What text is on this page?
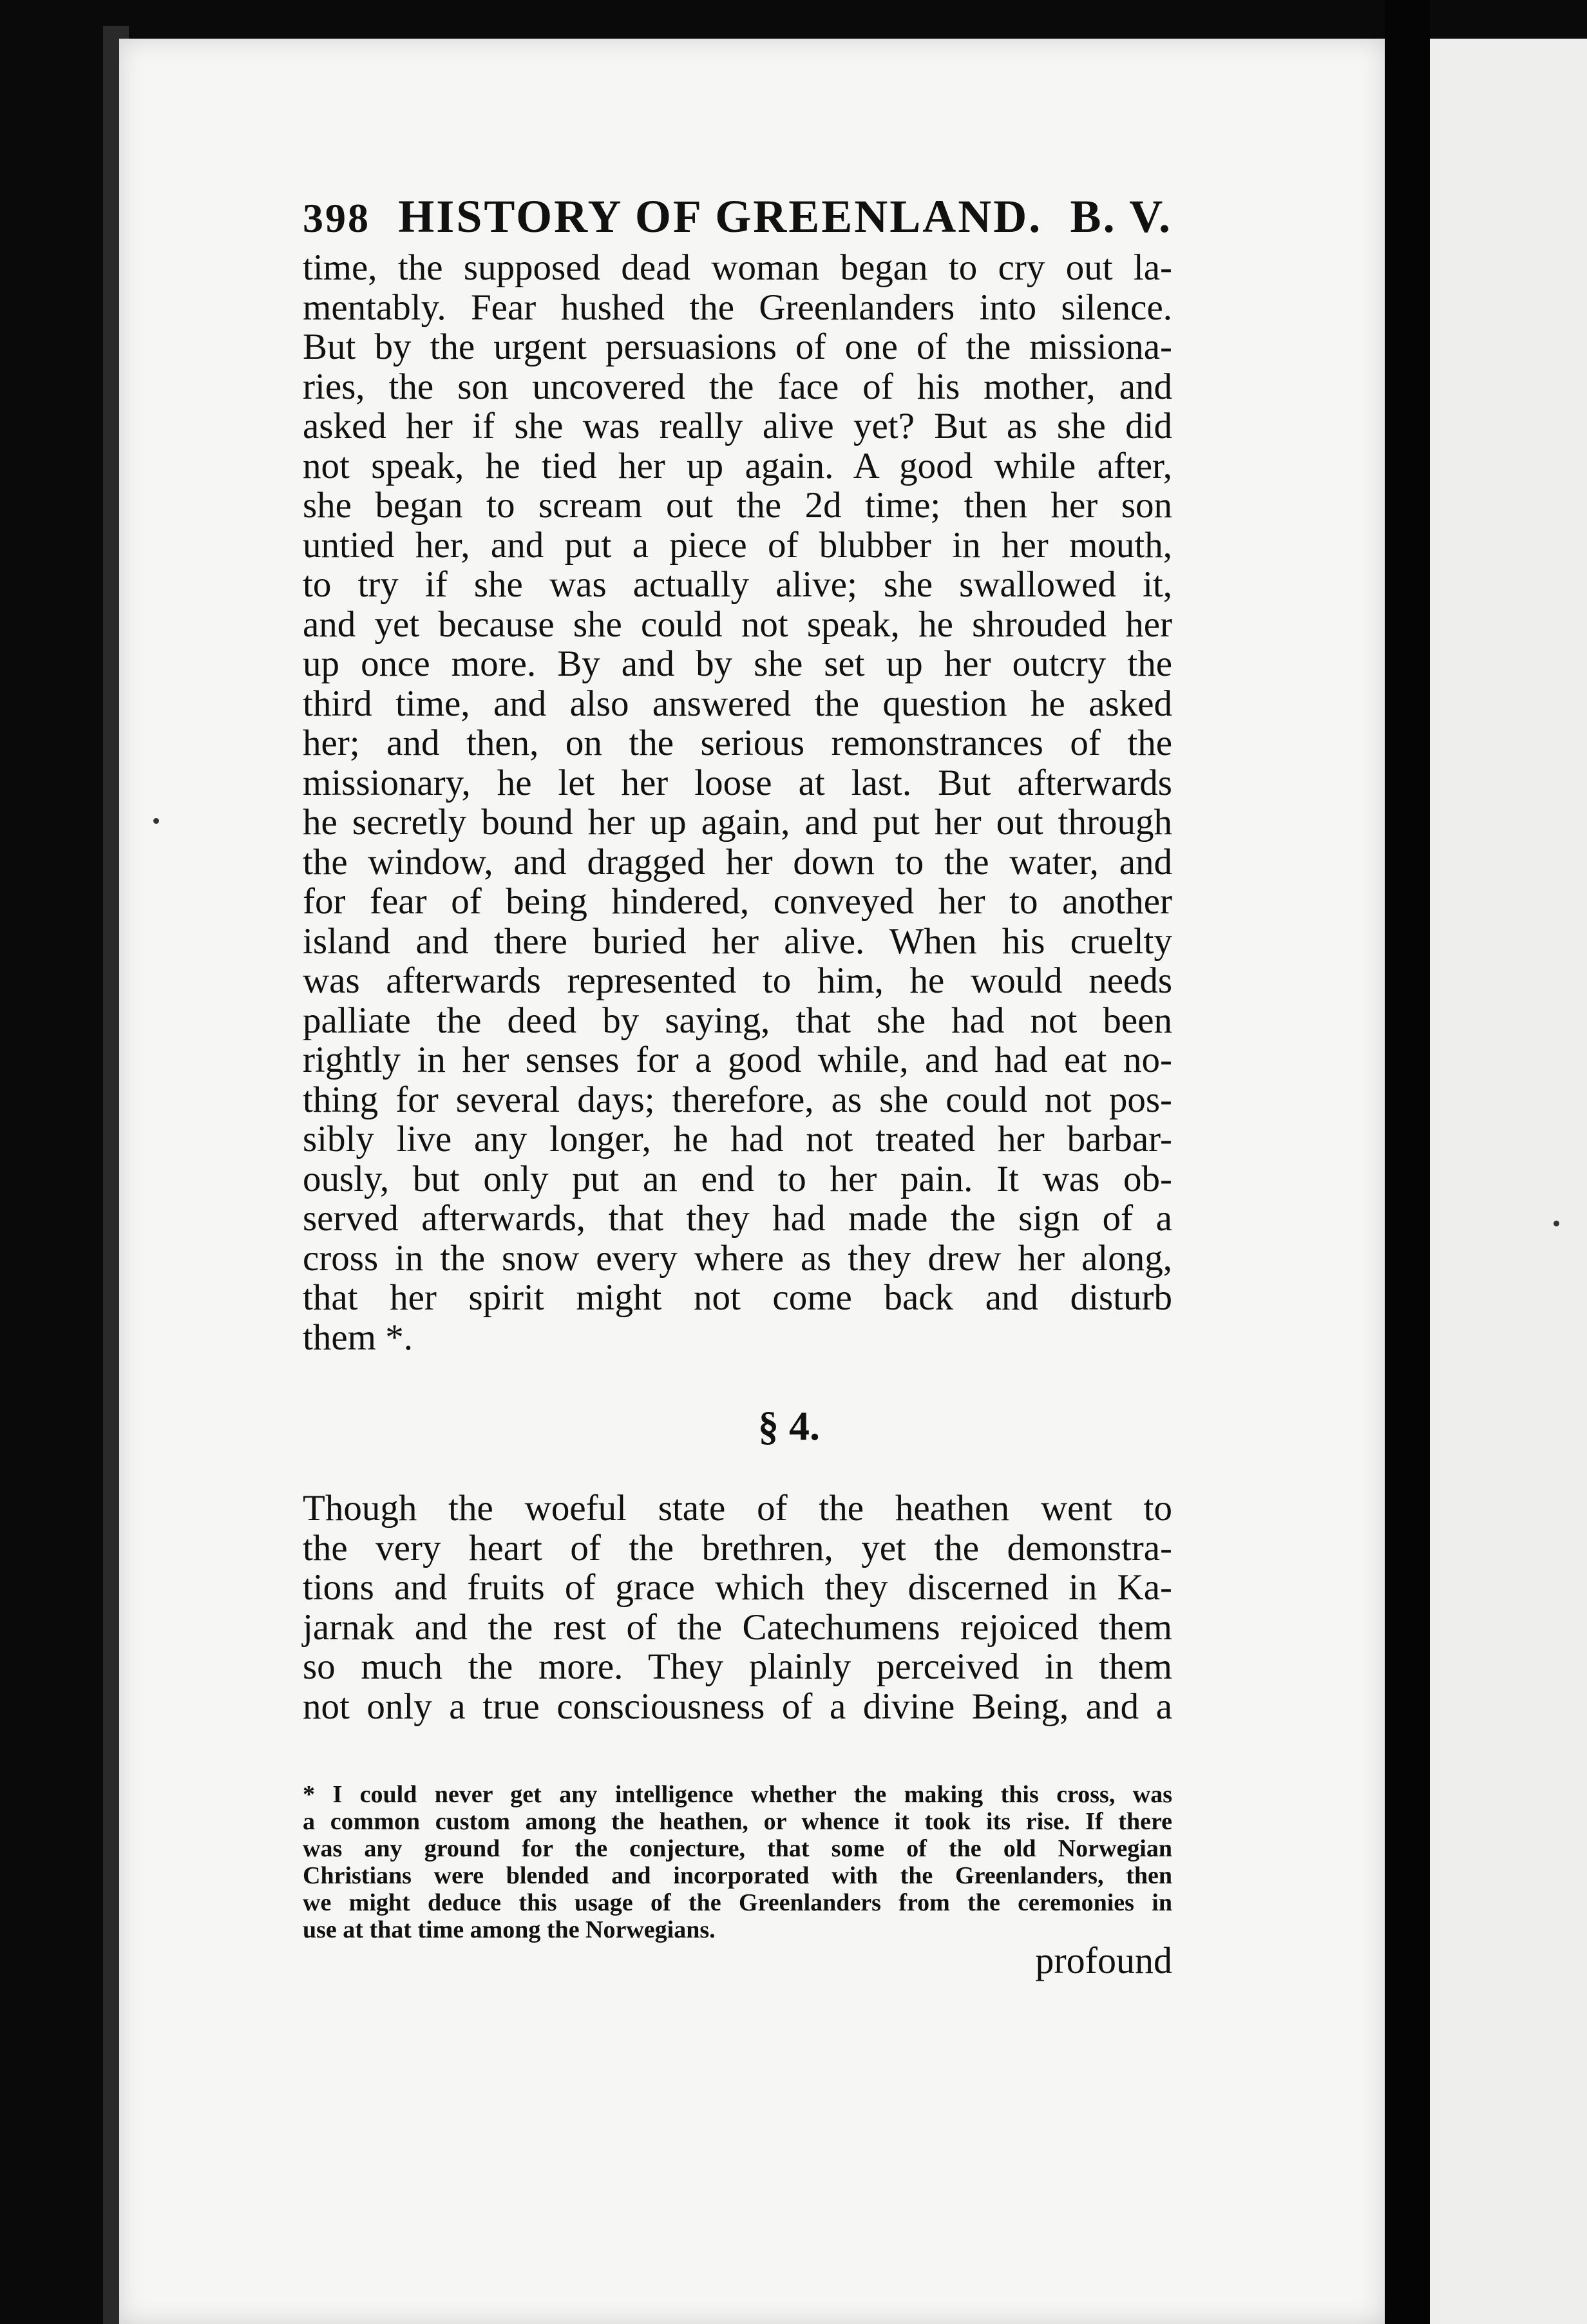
398 HISTORY OF GREENLAND. B. V.

time, the supposed dead woman began to cry out la-

mentably. Fear hushed the Greenlanders into silence.

But by the urgent persuasions of one of the missiona-

ries, the son uncovered the face of his mother, and

asked her if she was really alive yet? But as she did

not speak, he tied her up again. A good while after,

she began to scream out the 2d time; then her son

untied her, and put a piece of blubber in her mouth,

to try if she was actually alive; she swallowed it,

and yet because she could not speak, he shrouded her

up once more. By and by she set up her outcry the

third time, and also answered the question he asked

her; and then, on the serious remonstrances of the

missionary, he let her loose at last. But afterwards

he secretly bound her up again, and put her out through

the window, and dragged her down to the water, and

for fear of being hindered, conveyed her to another

island and there buried her alive. When his cruelty

was afterwards represented to him, he would needs

palliate the deed by saying, that she had not been

rightly in her senses for a good while, and had eat no-

thing for several days; therefore, as she could not pos-

sibly live any longer, he had not treated her barbar-

ously, but only put an end to her pain. It was ob-

served afterwards, that they had made the sign of a

cross in the snow every where as they drew her along,

that her spirit might not come back and disturb

them *.

§ 4.

Though the woeful state of the heathen went to

the very heart of the brethren, yet the demonstra-

tions and fruits of grace which they discerned in Ka-

jarnak and the rest of the Catechumens rejoiced them

so much the more. They plainly perceived in them

not only a true consciousness of a divine Being, and a

* I could never get any intelligence whether the making this cross, was

a common custom among the heathen, or whence it took its rise. If there

was any ground for the conjecture, that some of the old Norwegian

Christians were blended and incorporated with the Greenlanders, then

we might deduce this usage of the Greenlanders from the ceremonies in

use at that time among the Norwegians.

profound
